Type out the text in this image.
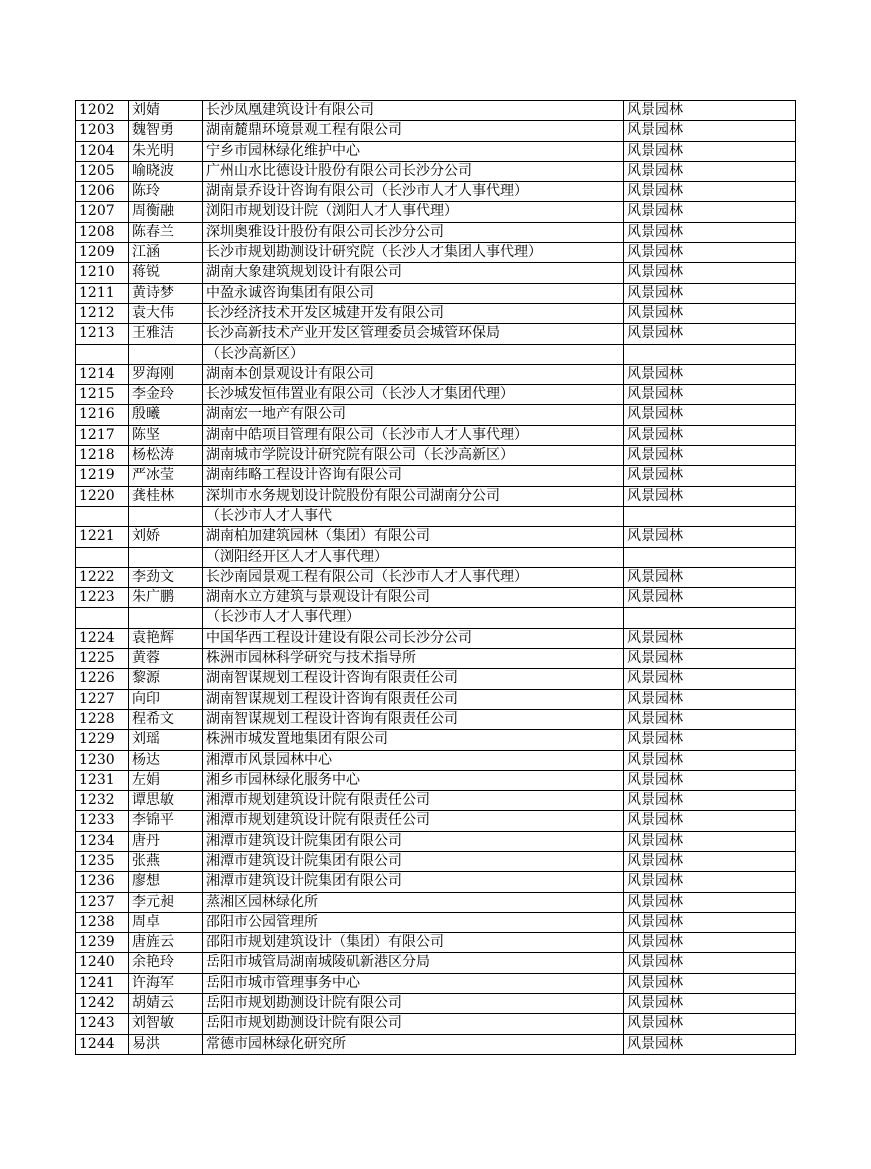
1202	刘婧	长沙凤凰建筑设计有限公司	风景园林
1203	魏智勇	湖南麓鼎环境景观工程有限公司	风景园林
1204	朱光明	宁乡市园林绿化维护中心	风景园林
1205	喻晓波	广州山水比德设计股份有限公司长沙分公司	风景园林
1206	陈玲	湖南景乔设计咨询有限公司（长沙市人才人事代理）	风景园林
1207	周衡融	浏阳市规划设计院（浏阳人才人事代理）	风景园林
1208	陈春兰	深圳奥雅设计股份有限公司长沙分公司	风景园林
1209	江涵	长沙市规划勘测设计研究院（长沙人才集团人事代理）	风景园林
1210	蒋锐	湖南大象建筑规划设计有限公司	风景园林
1211	黄诗梦	中盈永诚咨询集团有限公司	风景园林
1212	袁大伟	长沙经济技术开发区城建开发有限公司	风景园林
1213	王雅洁	长沙高新技术产业开发区管理委员会城管环保局	风景园林
		（长沙高新区）	
1214	罗海刚	湖南本创景观设计有限公司	风景园林
1215	李金玲	长沙城发恒伟置业有限公司（长沙人才集团代理）	风景园林
1216	殷曦	湖南宏一地产有限公司	风景园林
1217	陈坚	湖南中皓项目管理有限公司（长沙市人才人事代理）	风景园林
1218	杨松涛	湖南城市学院设计研究院有限公司（长沙高新区）	风景园林
1219	严冰莹	湖南纬略工程设计咨询有限公司	风景园林
1220	龚桂林	深圳市水务规划设计院股份有限公司湖南分公司	风景园林
		（长沙市人才人事代	
1221	刘娇	湖南柏加建筑园林（集团）有限公司	风景园林
		（浏阳经开区人才人事代理）	
1222	李劲文	长沙南园景观工程有限公司（长沙市人才人事代理）	风景园林
1223	朱广鹏	湖南水立方建筑与景观设计有限公司	风景园林
		（长沙市人才人事代理）	
1224	袁艳辉	中国华西工程设计建设有限公司长沙分公司	风景园林
1225	黄蓉	株洲市园林科学研究与技术指导所	风景园林
1226	黎源	湖南智谋规划工程设计咨询有限责任公司	风景园林
1227	向印	湖南智谋规划工程设计咨询有限责任公司	风景园林
1228	程希文	湖南智谋规划工程设计咨询有限责任公司	风景园林
1229	刘瑶	株洲市城发置地集团有限公司	风景园林
1230	杨达	湘潭市风景园林中心	风景园林
1231	左娟	湘乡市园林绿化服务中心	风景园林
1232	谭思敏	湘潭市规划建筑设计院有限责任公司	风景园林
1233	李锦平	湘潭市规划建筑设计院有限责任公司	风景园林
1234	唐丹	湘潭市建筑设计院集团有限公司	风景园林
1235	张燕	湘潭市建筑设计院集团有限公司	风景园林
1236	廖想	湘潭市建筑设计院集团有限公司	风景园林
1237	李元昶	蒸湘区园林绿化所	风景园林
1238	周卓	邵阳市公园管理所	风景园林
1239	唐旌云	邵阳市规划建筑设计（集团）有限公司	风景园林
1240	余艳玲	岳阳市城管局湖南城陵矶新港区分局	风景园林
1241	许海军	岳阳市城市管理事务中心	风景园林
1242	胡婧云	岳阳市规划勘测设计院有限公司	风景园林
1243	刘智敏	岳阳市规划勘测设计院有限公司	风景园林
1244	易洪	常德市园林绿化研究所	风景园林
